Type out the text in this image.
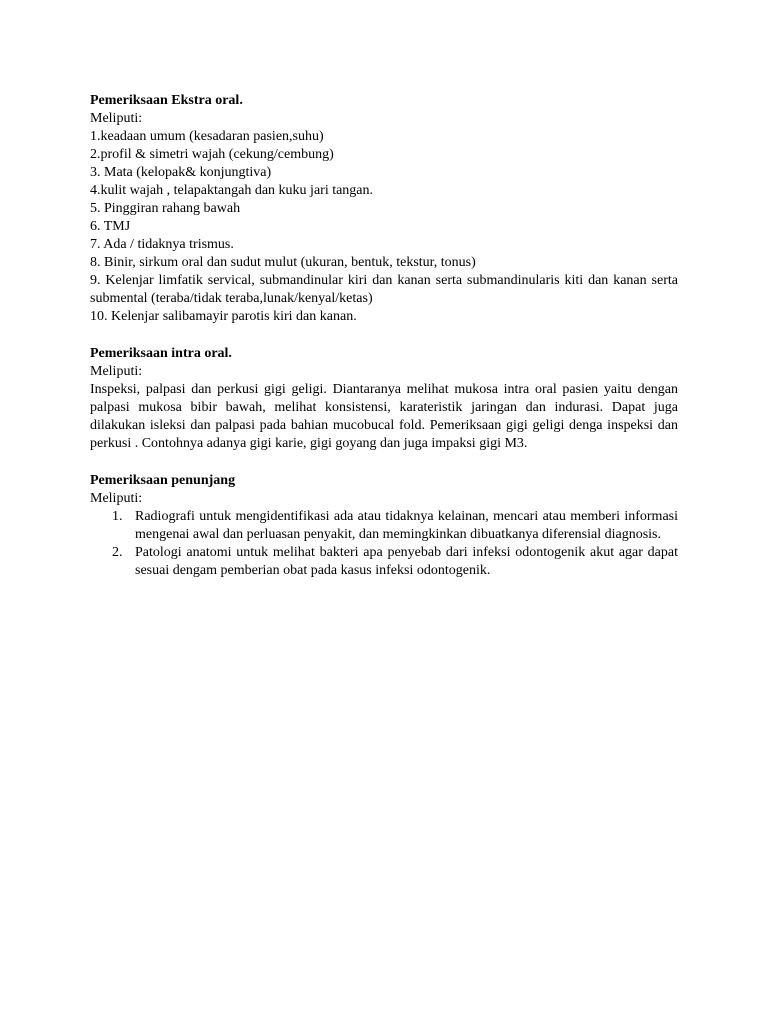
Pemeriksaan Ekstra oral.

Meliputi:

1.keadaan umum (kesadaran pasien,suhu)

2.profil & simetri wajah (cekung/cembung)

3. Mata (kelopak& konjungtiva)

4.kulit wajah , telapaktangah dan kuku jari tangan.

5. Pinggiran rahang bawah

6. TMJ

7. Ada / tidaknya trismus.

8. Binir, sirkum oral dan sudut mulut (ukuran, bentuk, tekstur, tonus)

9. Kelenjar limfatik servical, submandinular kiri dan kanan serta submandinularis kiti dan kanan serta submental (teraba/tidak teraba,lunak/kenyal/ketas)

10. Kelenjar salibamayir parotis kiri dan kanan.

Pemeriksaan intra oral.

Meliputi:

Inspeksi, palpasi dan perkusi gigi geligi. Diantaranya melihat mukosa intra oral pasien yaitu dengan palpasi mukosa bibir bawah, melihat konsistensi, karateristik jaringan dan indurasi. Dapat juga dilakukan isleksi dan palpasi pada bahian mucobucal fold. Pemeriksaan gigi geligi denga inspeksi dan perkusi . Contohnya adanya gigi karie, gigi goyang dan juga impaksi gigi M3.

Pemeriksaan penunjang

Meliputi:

1. Radiografi untuk mengidentifikasi ada atau tidaknya kelainan, mencari atau memberi informasi mengenai awal dan perluasan penyakit, dan memingkinkan dibuatkanya diferensial diagnosis.
2. Patologi anatomi untuk melihat bakteri apa penyebab dari infeksi odontogenik akut agar dapat sesuai dengam pemberian obat pada kasus infeksi odontogenik.
